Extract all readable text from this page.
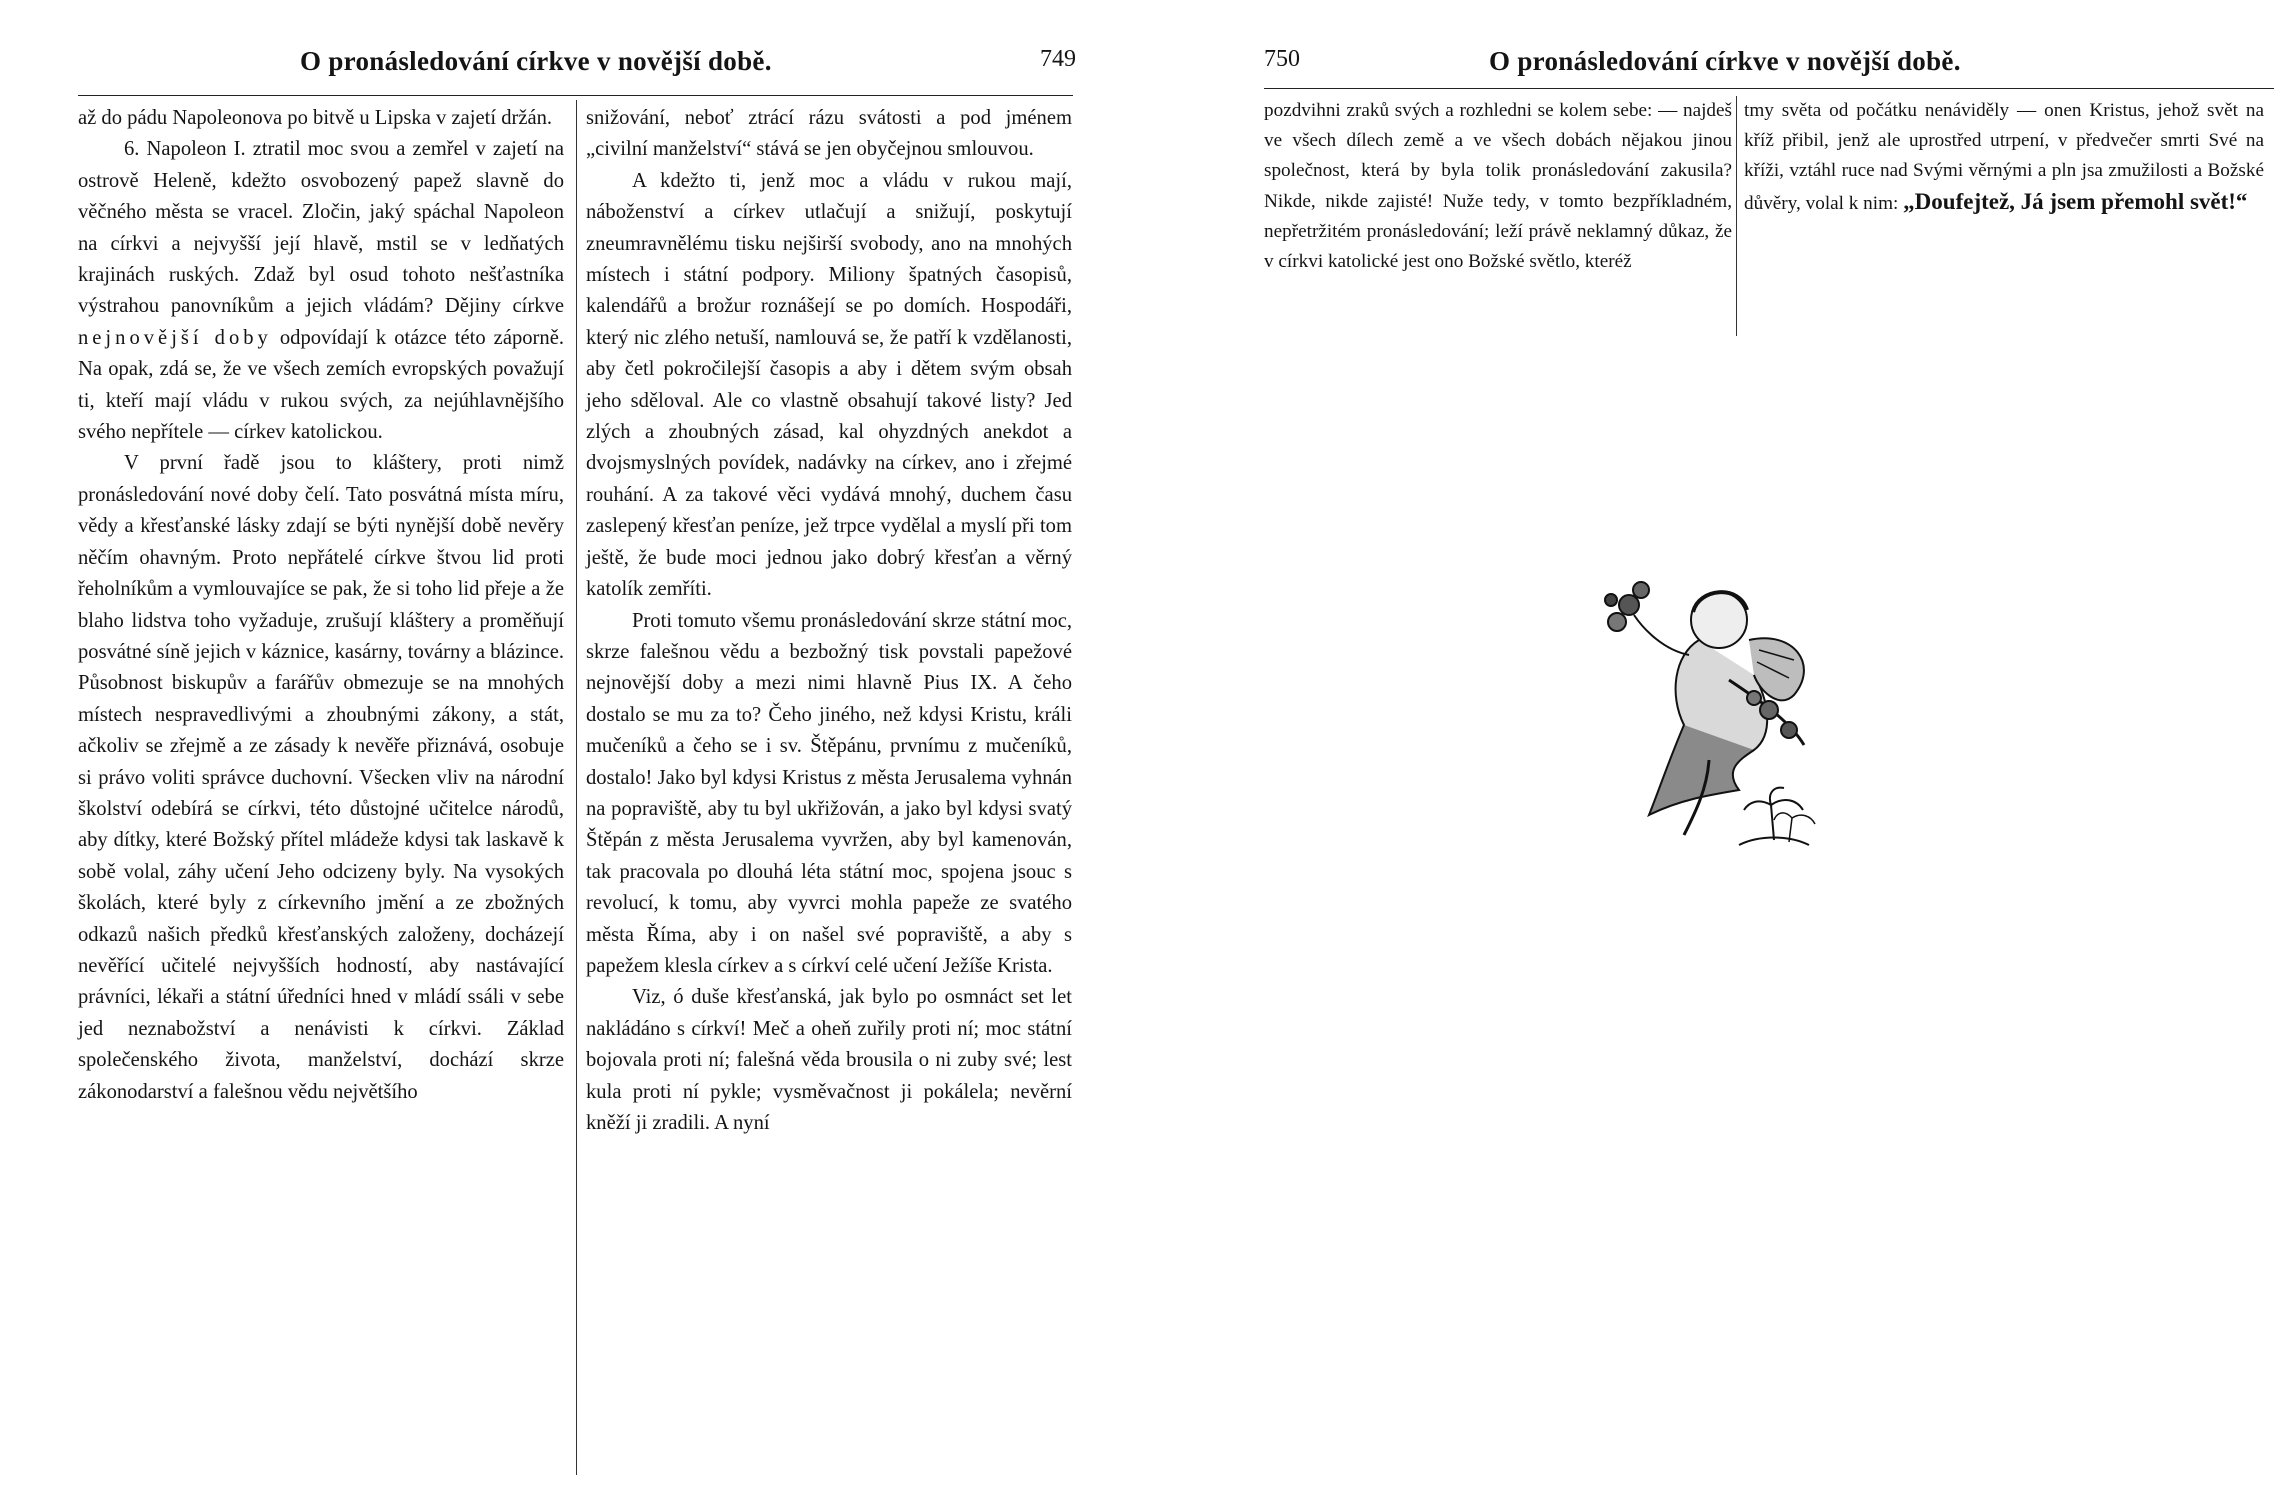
O pronásledování církve v novější době.	749

až do pádu Napoleonova po bitvě u Lipska v zajetí držán.

6. Napoleon I. ztratil moc svou a zemřel v zajetí na ostrově Heleně, kdežto osvobozený papež slavně do věčného města se vracel. Zločin, jaký spáchal Napoleon na církvi a nejvyšší její hlavě, mstil se v ledňatých krajinách ruských. Zdaž byl osud tohoto nešťastníka výstrahou panovníkům a jejich vládám? Dějiny církve nejnovější doby odpovídají k otázce této záporně. Na opak, zdá se, že ve všech zemích evropských považují ti, kteří mají vládu v rukou svých, za nejúhlavnějšího svého nepřítele — církev katolickou.

V první řadě jsou to kláštery, proti nimž pronásledování nové doby čelí. Tato posvátná místa míru, vědy a křesťanské lásky zdají se býti nynější době nevěry něčím ohavným. Proto nepřátelé církve štvou lid proti řeholníkům a vymlouvajíce se pak, že si toho lid přeje a že blaho lidstva toho vyžaduje, zrušují kláštery a proměňují posvátné síně jejich v káznice, kasárny, továrny a blázince. Působnost biskupův a farářův obmezuje se na mnohých místech nespravedlivými a zhoubnými zákony, a stát, ačkoliv se zřejmě a ze zásady k nevěře přiznává, osobuje si právo voliti správce duchovní. Všecken vliv na národní školství odebírá se církvi, této důstojné učitelce národů, aby dítky, které Božský přítel mládeže kdysi tak laskavě k sobě volal, záhy učení Jeho odcizeny byly. Na vysokých školách, které byly z církevního jmění a ze zbožných odkazů našich předků křesťanských založeny, docházejí nevěřící učitelé nejvyšších hodností, aby nastávající právníci, lékaři a státní úředníci hned v mládí ssáli v sebe jed neznabožství a nenávisti k církvi. Základ společenského života, manželství, dochází skrze zákonodarství a falešnou vědu největšího

snižování, neboť ztrácí rázu svátosti a pod jménem „civilní manželství“ stává se jen obyčejnou smlouvou.

A kdežto ti, jenž moc a vládu v rukou mají, náboženství a církev utlačují a snižují, poskytují zneumravnělému tisku nejširší svobody, ano na mnohých místech i státní podpory. Miliony špatných časopisů, kalendářů a brožur roznášejí se po domích. Hospodáři, který nic zlého netuší, namlouvá se, že patří k vzdělanosti, aby četl pokročilejší časopis a aby i dětem svým obsah jeho sděloval. Ale co vlastně obsahují takové listy? Jed zlých a zhoubných zásad, kal ohyzdných anekdot a dvojsmyslných povídek, nadávky na církev, ano i zřejmé rouhání. A za takové věci vydává mnohý, duchem času zaslepený křesťan peníze, jež trpce vydělal a myslí při tom ještě, že bude moci jednou jako dobrý křesťan a věrný katolík zemříti.

Proti tomuto všemu pronásledování skrze státní moc, skrze falešnou vědu a bezbožný tisk povstali papežové nejnovější doby a mezi nimi hlavně Pius IX. A čeho dostalo se mu za to? Čeho jiného, než kdysi Kristu, králi mučeníků a čeho se i sv. Štěpánu, prvnímu z mučeníků, dostalo! Jako byl kdysi Kristus z města Jerusalema vyhnán na popraviště, aby tu byl ukřižován, a jako byl kdysi svatý Štěpán z města Jerusalema vyvržen, aby byl kamenován, tak pracovala po dlouhá léta státní moc, spojena jsouc s revolucí, k tomu, aby vyvrci mohla papeže ze svatého města Říma, aby i on našel své popraviště, a aby s papežem klesla církev a s církví celé učení Ježíše Krista.

Viz, ó duše křesťanská, jak bylo po osmnáct set let nakládáno s církví! Meč a oheň zuřily proti ní; moc státní bojovala proti ní; falešná věda brousila o ni zuby své; lest kula proti ní pykle; vysměvačnost ji pokálela; nevěrní kněží ji zradili. A nyní

750	O pronásledování církve v novější době.

pozdvihni zraků svých a rozhledni se kolem sebe: — najdeš ve všech dílech země a ve všech dobách nějakou jinou společnost, která by byla tolik pronásledování zakusila? Nikde, nikde zajisté! Nuže tedy, v tomto bezpříkladném, nepřetržitém pronásledování; leží právě neklamný důkaz, že v církvi katolické jest ono Božské světlo, kteréž

tmy světa od počátku nenáviděly — onen Kristus, jehož svět na kříž přibil, jenž ale uprostřed utrpení, v předvečer smrti Své na kříži, vztáhl ruce nad Svými věrnými a pln jsa zmužilosti a Božské důvěry, volal k nim: „Doufejtež, Já jsem přemohl svět!“
